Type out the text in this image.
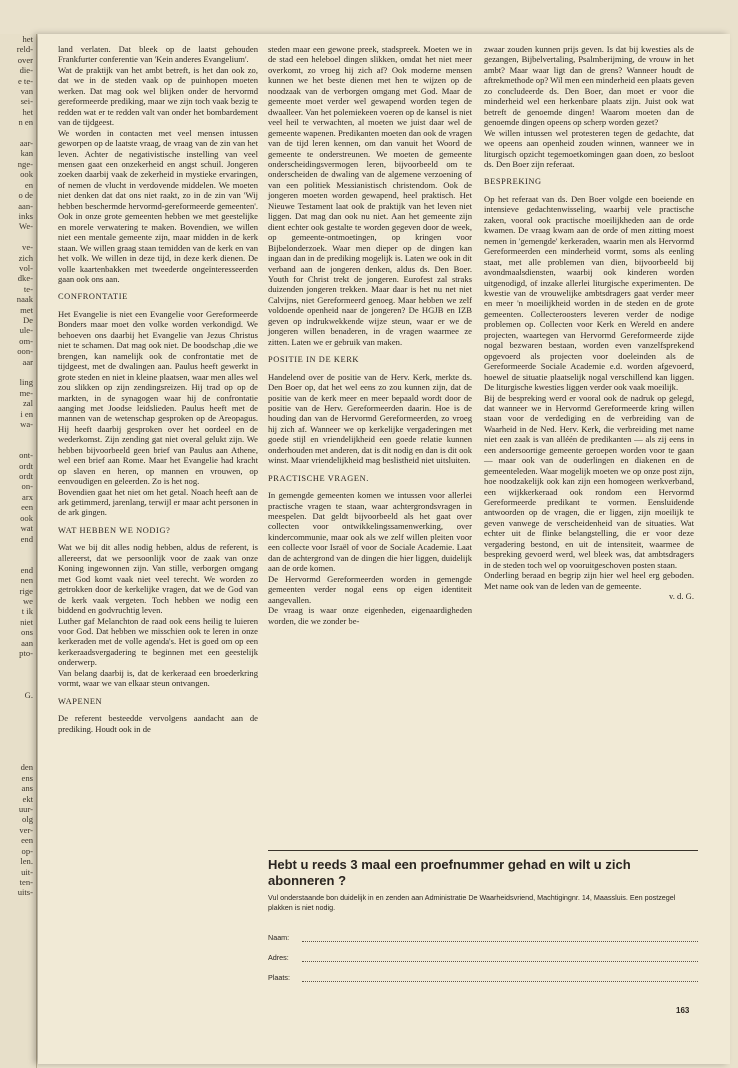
het
reld-
over
die-
e te-
van
sei-
het
n en

aar-
kan
nge-
ook
en
o de
aan-
inks
We-

ve-
zich
vol-
dke-
te-
naak
met
De
ule-
om-
oon-
aar

ling
me-
zal
i en
wa-

ont-
ordt
ordt
on-
arx
een
ook
wat
end

end
nen
rige
we
t ik
niet
ons
aan
pto-

G.

den
ens
ans
ekt
uur-
olg
ver-
een
op-
len.
uit-
ten-
uits-

land verlaten. Dat bleek op de laatst gehouden Frankfurter conferentie van 'Kein anderes Evangelium'.

Wat de praktijk van het ambt betreft, is het dan ook zo, dat we in de steden vaak op de puinhopen moeten werken. Dat mag ook wel blijken onder de hervormd gereformeerde prediking, maar we zijn toch vaak bezig te redden wat er te redden valt van onder het bombardement van de tijdgeest.

We worden in contacten met veel mensen intussen geworpen op de laatste vraag, de vraag van de zin van het leven. Achter de negativistische instelling van veel mensen gaat een onzekerheid en angst schuil. Jongeren zoeken daarbij vaak de zekerheid in mystieke ervaringen, of nemen de vlucht in verdovende middelen. We moeten niet denken dat dat ons niet raakt, zo in de zin van 'Wij hebben beschermde hervormd-gereformeerde gemeenten'. Ook in onze grote gemeenten hebben we met geestelijke en morele verwatering te maken. Bovendien, we willen niet een mentale gemeente zijn, maar midden in de kerk staan. We willen graag staan temidden van de kerk en van het volk. We willen in deze tijd, in deze kerk dienen. De volle kaartenbakken met tweederde ongeïnteresseerden gaan ook ons aan.

CONFRONTATIE

Het Evangelie is niet een Evangelie voor Gereformeerde Bonders maar moet den volke worden verkondigd. We behoeven ons daarbij het Evangelie van Jezus Christus niet te schamen. Dat mag ook niet. De boodschap ,die we brengen, kan namelijk ook de confrontatie met de tijdgeest, met de dwalingen aan. Paulus heeft gewerkt in grote steden en niet in kleine plaatsen, waar men alles wel zou slikken op zijn zendingsreizen. Hij trad op op de markten, in de synagogen waar hij de confrontatie aanging met Joodse leidslieden. Paulus heeft met de mannen van de wetenschap gesproken op de Areopagus. Hij heeft daarbij gesproken over het oordeel en de wederkomst. Zijn zending gat niet overal gelukt zijn. We hebben bijvoorbeeld geen brief van Paulus aan Athene, wel een brief aan Rome. Maar het Evangelie had kracht op slaven en heren, op mannen en vrouwen, op eenvoudigen en geleerden. Zo is het nog.

Bovendien gaat het niet om het getal. Noach heeft aan de ark getimmerd, jarenlang, terwijl er maar acht personen in de ark gingen.

WAT HEBBEN WE NODIG?

Wat we bij dit alles nodig hebben, aldus de referent, is allereerst, dat we persoonlijk voor de zaak van onze Koning ingewonnen zijn. Van stille, verborgen omgang met God komt vaak niet veel terecht. We worden zo getrokken door de kerkelijke vragen, dat we de God van de kerk vaak vergeten. Toch hebben we nodig een biddend en godvruchtig leven.

Luther gaf Melanchton de raad ook eens heilig te luieren voor God. Dat hebben we misschien ook te leren in onze kerkeraden met de volle agenda's. Het is goed om op een kerkeraadsvergadering te beginnen met een geestelijk onderwerp.

Van belang daarbij is, dat de kerkeraad een broederkring vormt, waar we van elkaar steun ontvangen.

WAPENEN

De referent besteedde vervolgens aandacht aan de prediking. Houdt ook in de

steden maar een gewone preek, stadspreek. Moeten we in de stad een heleboel dingen slikken, omdat het niet meer overkomt, zo vroeg hij zich af? Ook moderne mensen kunnen we het beste dienen met hen te wijzen op de noodzaak van de verborgen omgang met God. Maar de gemeente moet verder wel gewapend worden tegen de dwaalleer. Van het polemiekeen voeren op de kansel is niet veel heil te verwachten, al moeten we juist daar wel de gemeente wapenen. Predikanten moeten dan ook de vragen van de tijd leren kennen, om dan vanuit het Woord de gemeente te onderstreunen. We moeten de gemeente onderscheidingsvermogen leren, bijvoorbeeld om te onderscheiden de dwaling van de algemene verzoening of van een politiek Messianistisch christendom. Ook de jongeren moeten worden gewapend, heel praktisch. Het Nieuwe Testament laat ook de praktijk van het leven niet liggen. Dat mag dan ook nu niet. Aan het gemeente zijn dient echter ook gestalte te worden gegeven door de week, op gemeente-ontmoetingen, op kringen voor Bijbelonderzoek. Waar men dieper op de dingen kan ingaan dan in de prediking mogelijk is. Laten we ook in dit verband aan de jongeren denken, aldus ds. Den Boer. Youth for Christ trekt de jongeren. Eurofest zal straks duizenden jongeren trekken. Maar daar is het nu net niet Calvijns, niet Gereformeerd genoeg. Maar hebben we zelf voldoende openheid naar de jongeren? De HGJB en IZB geven op indrukwekkende wijze steun, waar er we de jongeren willen benaderen, in de vragen waarmee ze zitten. Laten we er gebruik van maken.

POSITIE IN DE KERK

Handelend over de positie van de Herv. Kerk, merkte ds. Den Boer op, dat het wel eens zo zou kunnen zijn, dat de positie van de kerk meer en meer bepaald wordt door de positie van de Herv. Gereformeerden daarin. Hoe is de houding dan van de Hervormd Gereformeerden, zo vroeg hij zich af. Wanneer we op kerkelijke vergaderingen met goede stijl en vriendelijkheid een goede relatie kunnen onderhouden met anderen, dat is dit nodig en dan is dit ook winst. Maar vriendelijkheid mag beslistheid niet uitsluiten.

PRACTISCHE VRAGEN.

In gemengde gemeenten komen we intussen voor allerlei practische vragen te staan, waar achtergrondsvragen in meespelen. Dat geldt bijvoorbeeld als het gaat over collecten voor ontwikkelingssamenwerking, over kindercommunie, maar ook als we zelf willen pleiten voor een collecte voor Israël of voor de Sociale Academie. Laat dan de achtergrond van de dingen die hier liggen, duidelijk aan de orde komen.

De Hervormd Gereformeerden worden in gemengde gemeenten verder nogal eens op eigen identiteit aangevallen.

De vraag is waar onze eigenheden, eigenaardigheden worden, die we zonder be-

zwaar zouden kunnen prijs geven. Is dat bij kwesties als de gezangen, Bijbelvertaling, Psalmberijming, de vrouw in het ambt? Maar waar ligt dan de grens? Wanneer houdt de aftrekmethode op? Wil men een minderheid een plaats geven zo concludeerde ds. Den Boer, dan moet er voor die minderheid wel een herkenbare plaats zijn. Juist ook wat betreft de genoemde dingen! Waarom moeten dan de genoemde dingen opeens op scherp worden gezet?

We willen intussen wel protesteren tegen de gedachte, dat we opeens aan openheid zouden winnen, wanneer we in liturgisch opzicht tegemoetkomingen gaan doen, zo besloot ds. Den Boer zijn referaat.

BESPREKING

Op het referaat van ds. Den Boer volgde een boeiende en intensieve gedachtenwisseling, waarbij vele practische zaken, vooral ook practische moeilijkheden aan de orde kwamen. De vraag kwam aan de orde of men zitting moest nemen in 'gemengde' kerkeraden, waarin men als Hervormd Gereformeerden een minderheid vormt, soms als eenling staat, met alle problemen van dien, bijvoorbeeld bij avondmaalsdiensten, waarbij ook kinderen worden uitgenodigd, of inzake allerlei liturgische experimenten. De kwestie van de vrouwelijke ambtsdragers gaat verder meer en meer 'n moeilijkheid worden in de steden en de grote gemeenten. Collecteroosters leveren verder de nodige problemen op. Collecten voor Kerk en Wereld en andere projecten, waartegen van Hervormd Gereformeerde zijde nogal bezwaren bestaan, worden even vanzelfsprekend opgevoerd als projecten voor doeleinden als de Gereformeerde Sociale Academie e.d. worden afgevoerd, hoewel de situatie plaatselijk nogal verschillend kan liggen. De liturgische kwesties liggen verder ook vaak moeilijk.

Bij de bespreking werd er vooral ook de nadruk op gelegd, dat wanneer we in Hervormd Gereformeerde kring willen staan voor de verdediging en de verbreiding van de Waarheid in de Ned. Herv. Kerk, die verbreiding met name niet een zaak is van alléén de predikanten — als zij eens in een andersoortige gemeente geroepen worden voor te gaan — maar ook van de ouderlingen en diakenen en de gemeenteleden. Waar mogelijk moeten we op onze post zijn, hoe noodzakelijk ook kan zijn een homogeen werkverband, een wijkkerkeraad ook rondom een Hervormd Gereformeerde predikant te vormen. Eensluidende antwoorden op de vragen, die er liggen, zijn moeilijk te geven vanwege de verscheidenheid van de situaties. Wat echter uit de flinke belangstelling, die er voor deze vergadering bestond, en uit de intensiteit, waarmee de bespreking gevoerd werd, wel bleek was, dat ambtsdragers in de steden toch wel op vooruitgeschoven posten staan.

Onderling beraad en begrip zijn hier wel heel erg geboden. Met name ook van de leden van de gemeente.

v. d. G.

Hebt u reeds 3 maal een proefnummer gehad en wilt u zich abonneren ?
Vul onderstaande bon duidelijk in en zenden aan Administratie De Waarheidsvriend, Machtigingnr. 14, Maassluis. Een postzegel plakken is niet nodig.
Naam:
Adres:
Plaats:
163
